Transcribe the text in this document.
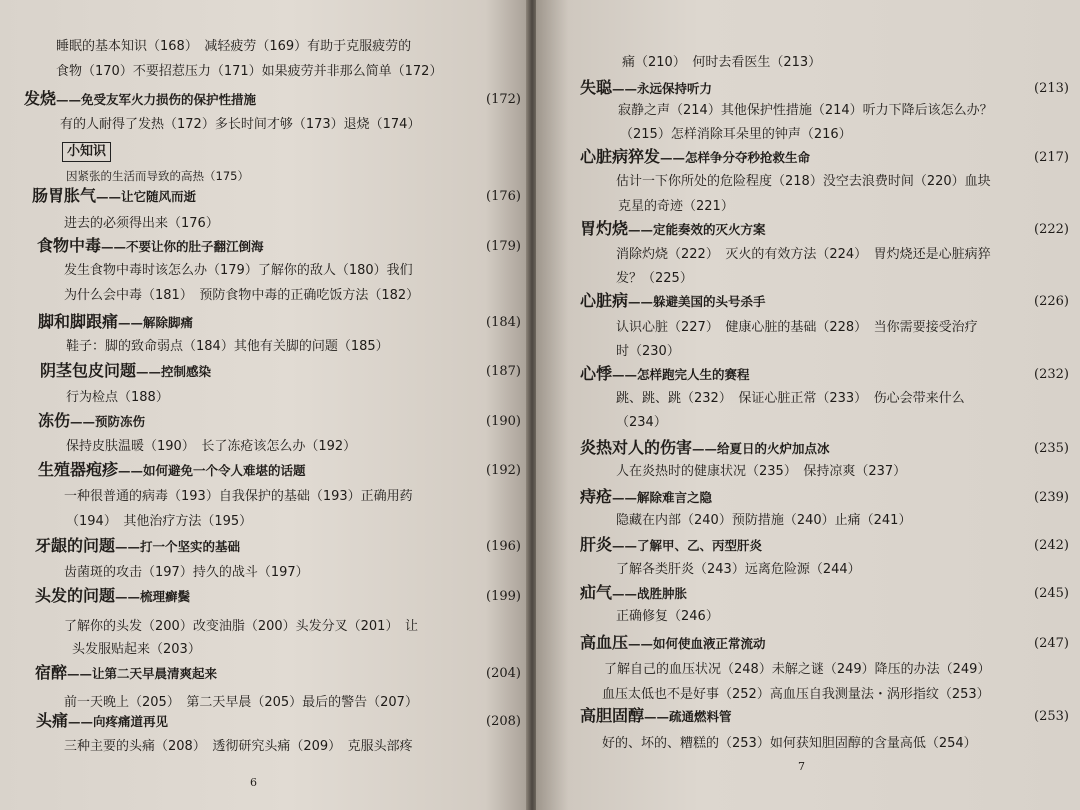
睡眠的基本知识（168）　减轻疲劳（169）有助于克服疲劳的
食物（170）不要招惹压力（171）如果疲劳并非那么简单（172）
发烧——免受友军火力损伤的保护性措施	(172)
有的人耐得了发热（172）多长时间才够（173）退烧（174）
因紧张的生活而导致的高热（175）
肠胃胀气——让它随风而逝	(176)
进去的必须得出来（176）
食物中毒——不要让你的肚子翻江倒海	(179)
发生食物中毒时该怎么办（179）了解你的敌人（180）我们
为什么会中毒（181）　预防食物中毒的正确吃饭方法（182）
脚和脚跟痛——解除脚痛	(184)
鞋子：脚的致命弱点（184）其他有关脚的问题（185）
阴茎包皮问题——控制感染	(187)
行为检点（188）
冻伤——预防冻伤	(190)
保持皮肤温暖（190）　长了冻疮该怎么办（192）
生殖器疱疹——如何避免一个令人难堪的话题	(192)
一种很普通的病毒（193）自我保护的基础（193）正确用药
（194）　其他治疗方法（195）
牙龈的问题——打一个坚实的基础	(196)
齿菌斑的攻击（197）持久的战斗（197）
头发的问题——梳理癣鬓	(199)
了解你的头发（200）改变油脂（200）头发分叉（201）　让
头发服贴起来（203）
宿醉——让第二天早晨清爽起来	(204)
前一天晚上（205）　第二天早晨（205）最后的警告（207）
头痛——向疼痛道再见	(208)
三种主要的头痛（208）　透彻研究头痛（209）　克服头部疼
小知识
6
痛（210）　何时去看医生（213）
失聪——永远保持听力	(213)
寂静之声（214）其他保护性措施（214）听力下降后该怎么办？
（215）怎样消除耳朵里的钟声（216）
心脏病猝发——怎样争分夺秒抢救生命	(217)
估计一下你所处的危险程度（218）没空去浪费时间（220）血块
克星的奇迹（221）
胃灼烧——定能奏效的灭火方案	(222)
消除灼烧（222）　灭火的有效方法（224）　胃灼烧还是心脏病猝
发？（225）
心脏病——躲避美国的头号杀手	(226)
认识心脏（227）　健康心脏的基础（228）　当你需要接受治疗
时（230）
心悸——怎样跑完人生的赛程	(232)
跳、跳、跳（232）　保证心脏正常（233）　伤心会带来什么
（234）
炎热对人的伤害——给夏日的火炉加点冰	(235)
人在炎热时的健康状况（235）　保持凉爽（237）
痔疮——解除难言之隐	(239)
隐藏在内部（240）预防措施（240）止痛（241）
肝炎——了解甲、乙、丙型肝炎	(242)
了解各类肝炎（243）远离危险源（244）
疝气——战胜肿胀	(245)
正确修复（246）
高血压——如何使血液正常流动	(247)
了解自己的血压状况（248）未解之谜（249）降压的办法（249）
血压太低也不是好事（252）高血压自我测量法・涡形指纹（253）
高胆固醇——疏通燃料管	(253)
好的、坏的、糟糕的（253）如何获知胆固醇的含量高低（254）
7
